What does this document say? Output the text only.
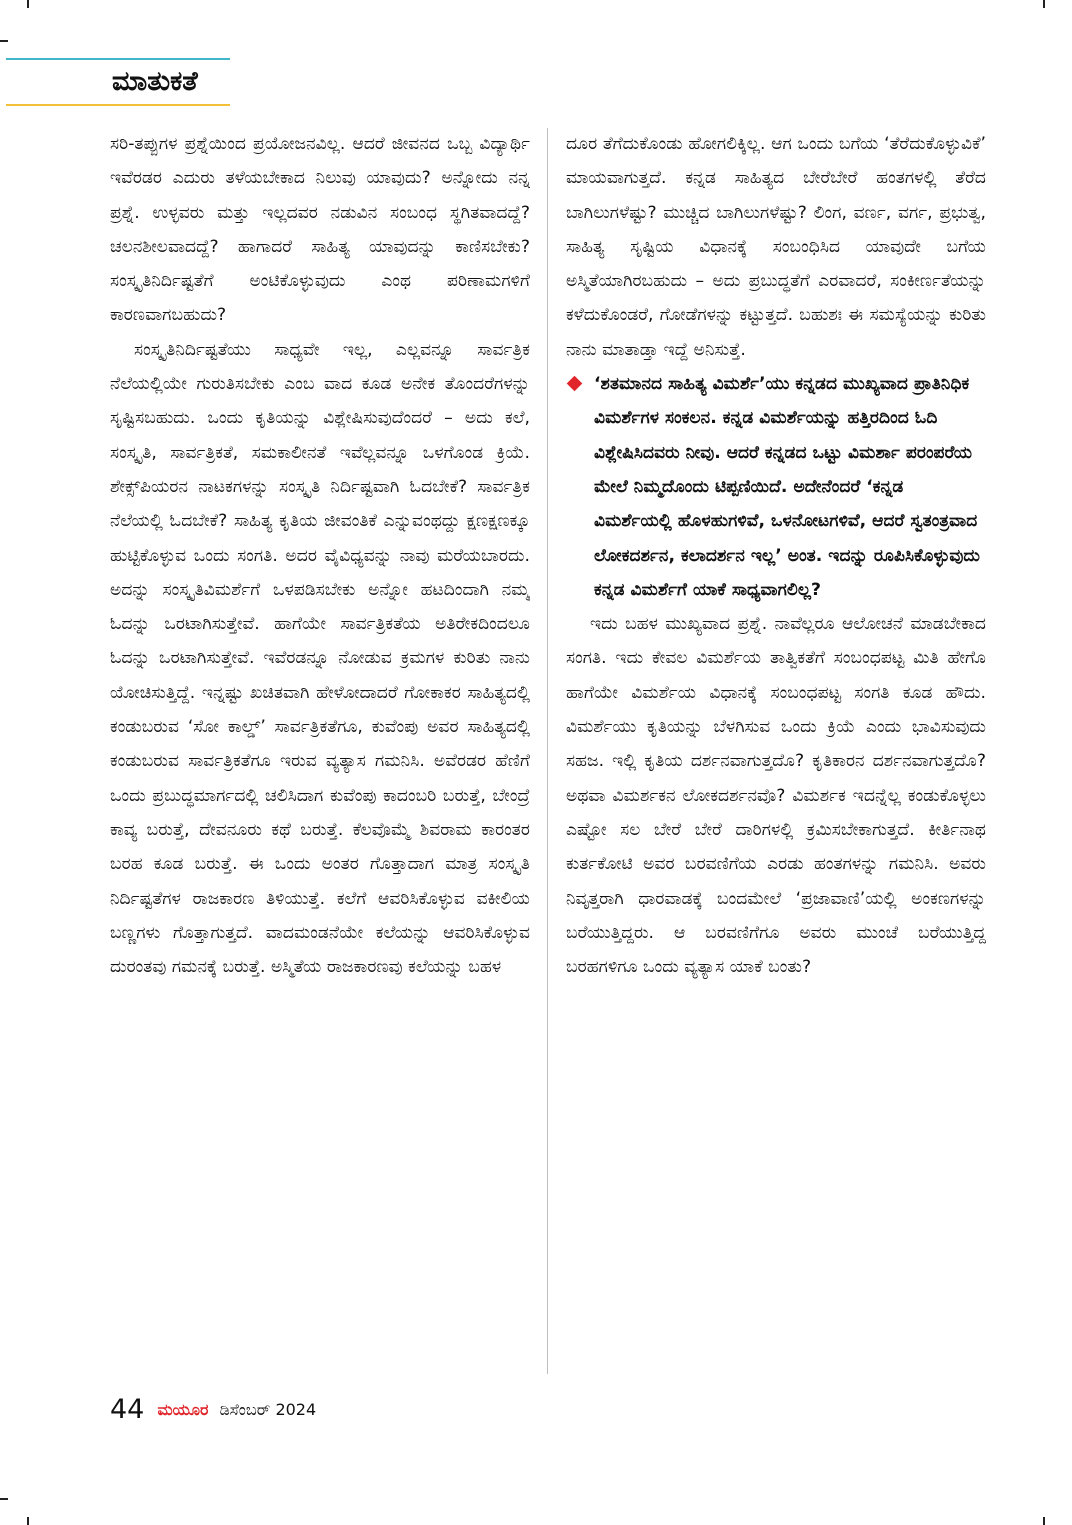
ಮಾತುಕತೆ

ಸರಿ-ತಪ್ಪುಗಳ ಪ್ರಶ್ನೆಯಿಂದ ಪ್ರಯೋಜನವಿಲ್ಲ. ಆದರೆ ಜೀವನದ ಒಬ್ಬ ವಿದ್ಯಾರ್ಥಿ ಇವೆರಡರ ಎದುರು ತಳೆಯಬೇಕಾದ ನಿಲುವು ಯಾವುದು? ಅನ್ನೋದು ನನ್ನ ಪ್ರಶ್ನೆ. ಉಳ್ಳವರು ಮತ್ತು ಇಲ್ಲದವರ ನಡುವಿನ ಸಂಬಂಧ ಸ್ಥಗಿತವಾದದ್ದೆ? ಚಲನಶೀಲವಾದದ್ದೆ? ಹಾಗಾದರೆ ಸಾಹಿತ್ಯ ಯಾವುದನ್ನು ಕಾಣಿಸಬೇಕು? ಸಂಸ್ಕೃತಿನಿರ್ದಿಷ್ಟತೆಗೆ ಅಂಟಿಕೊಳ್ಳುವುದು ಎಂಥ ಪರಿಣಾಮಗಳಿಗೆ ಕಾರಣವಾಗಬಹುದು?

ಸಂಸ್ಕೃತಿನಿರ್ದಿಷ್ಟತೆಯು ಸಾಧ್ಯವೇ ಇಲ್ಲ, ಎಲ್ಲವನ್ನೂ ಸಾರ್ವತ್ರಿಕ ನೆಲೆಯಲ್ಲಿಯೇ ಗುರುತಿಸಬೇಕು ಎಂಬ ವಾದ ಕೂಡ ಅನೇಕ ತೊಂದರೆಗಳನ್ನು ಸೃಷ್ಟಿಸಬಹುದು. ಒಂದು ಕೃತಿಯನ್ನು ವಿಶ್ಲೇಷಿಸುವುದೆಂದರೆ – ಅದು ಕಲೆ, ಸಂಸ್ಕೃತಿ, ಸಾರ್ವತ್ರಿಕತೆ, ಸಮಕಾಲೀನತೆ ಇವೆಲ್ಲವನ್ನೂ ಒಳಗೊಂಡ ಕ್ರಿಯೆ. ಶೇಕ್ಸ್‌ಪಿಯರನ ನಾಟಕಗಳನ್ನು ಸಂಸ್ಕೃತಿ ನಿರ್ದಿಷ್ಟವಾಗಿ ಓದಬೇಕೆ? ಸಾರ್ವತ್ರಿಕ ನೆಲೆಯಲ್ಲಿ ಓದಬೇಕೆ? ಸಾಹಿತ್ಯ ಕೃತಿಯ ಜೀವಂತಿಕೆ ಎನ್ನುವಂಥದ್ದು ಕ್ಷಣಕ್ಷಣಕ್ಕೂ ಹುಟ್ಟಿಕೊಳ್ಳುವ ಒಂದು ಸಂಗತಿ. ಅದರ ವೈವಿಧ್ಯವನ್ನು ನಾವು ಮರೆಯಬಾರದು. ಅದನ್ನು ಸಂಸ್ಕೃತಿವಿಮರ್ಶೆಗೆ ಒಳಪಡಿಸಬೇಕು ಅನ್ನೋ ಹಟದಿಂದಾಗಿ ನಮ್ಮ ಓದನ್ನು ಒರಟಾಗಿಸುತ್ತೇವೆ. ಹಾಗೆಯೇ ಸಾರ್ವತ್ರಿಕತೆಯ ಅತಿರೇಕದಿಂದಲೂ ಓದನ್ನು ಒರಟಾಗಿಸುತ್ತೇವೆ. ಇವೆರಡನ್ನೂ ನೋಡುವ ಕ್ರಮಗಳ ಕುರಿತು ನಾನು ಯೋಚಿಸುತ್ತಿದ್ದೆ. ಇನ್ನಷ್ಟು ಖಚಿತವಾಗಿ ಹೇಳೋದಾದರೆ ಗೋಕಾಕರ ಸಾಹಿತ್ಯದಲ್ಲಿ ಕಂಡುಬರುವ ‘ಸೋ ಕಾಲ್ಡ್’ ಸಾರ್ವತ್ರಿಕತೆಗೂ, ಕುವೆಂಪು ಅವರ ಸಾಹಿತ್ಯದಲ್ಲಿ ಕಂಡುಬರುವ ಸಾರ್ವತ್ರಿಕತೆಗೂ ಇರುವ ವ್ಯತ್ಯಾಸ ಗಮನಿಸಿ. ಅವೆರಡರ ಹೆಣಿಗೆ ಒಂದು ಪ್ರಬುದ್ಧಮಾರ್ಗದಲ್ಲಿ ಚಲಿಸಿದಾಗ ಕುವೆಂಪು ಕಾದಂಬರಿ ಬರುತ್ತೆ, ಬೇಂದ್ರೆ ಕಾವ್ಯ ಬರುತ್ತೆ, ದೇವನೂರು ಕಥೆ ಬರುತ್ತೆ. ಕೆಲವೊಮ್ಮೆ ಶಿವರಾಮ ಕಾರಂತರ ಬರಹ ಕೂಡ ಬರುತ್ತೆ. ಈ ಒಂದು ಅಂತರ ಗೊತ್ತಾದಾಗ ಮಾತ್ರ ಸಂಸ್ಕೃತಿ ನಿರ್ದಿಷ್ಟತೆಗಳ ರಾಜಕಾರಣ ತಿಳಿಯುತ್ತೆ. ಕಲೆಗೆ ಆವರಿಸಿಕೊಳ್ಳುವ ವಕೀಲಿಯ ಬಣ್ಣಗಳು ಗೊತ್ತಾಗುತ್ತದೆ. ವಾದಮಂಡನೆಯೇ ಕಲೆಯನ್ನು ಆವರಿಸಿಕೊಳ್ಳುವ ದುರಂತವು ಗಮನಕ್ಕೆ ಬರುತ್ತೆ. ಅಸ್ಮಿತೆಯ ರಾಜಕಾರಣವು ಕಲೆಯನ್ನು ಬಹಳ

ದೂರ ತೆಗೆದುಕೊಂಡು ಹೋಗಲಿಕ್ಕಿಲ್ಲ. ಆಗ ಒಂದು ಬಗೆಯ ‘ತೆರೆದುಕೊಳ್ಳುವಿಕೆ’ ಮಾಯವಾಗುತ್ತದೆ. ಕನ್ನಡ ಸಾಹಿತ್ಯದ ಬೇರೆಬೇರೆ ಹಂತಗಳಲ್ಲಿ ತೆರೆದ ಬಾಗಿಲುಗಳೆಷ್ಟು? ಮುಚ್ಚಿದ ಬಾಗಿಲುಗಳೆಷ್ಟು? ಲಿಂಗ, ವರ್ಣ, ವರ್ಗ, ಪ್ರಭುತ್ವ, ಸಾಹಿತ್ಯ ಸೃಷ್ಟಿಯ ವಿಧಾನಕ್ಕೆ ಸಂಬಂಧಿಸಿದ ಯಾವುದೇ ಬಗೆಯ ಅಸ್ಮಿತೆಯಾಗಿರಬಹುದು – ಅದು ಪ್ರಬುದ್ಧತೆಗೆ ಎರವಾದರೆ, ಸಂಕೀರ್ಣತೆಯನ್ನು ಕಳೆದುಕೊಂಡರೆ, ಗೋಡೆಗಳನ್ನು ಕಟ್ಟುತ್ತದೆ. ಬಹುಶಃ ಈ ಸಮಸ್ಯೆಯನ್ನು ಕುರಿತು ನಾನು ಮಾತಾಡ್ತಾ ಇದ್ದೆ ಅನಿಸುತ್ತೆ.

‘ಶತಮಾನದ ಸಾಹಿತ್ಯ ವಿಮರ್ಶೆ’ಯು ಕನ್ನಡದ ಮುಖ್ಯವಾದ ಪ್ರಾತಿನಿಧಿಕ ವಿಮರ್ಶೆಗಳ ಸಂಕಲನ. ಕನ್ನಡ ವಿಮರ್ಶೆಯನ್ನು ಹತ್ತಿರದಿಂದ ಓದಿ ವಿಶ್ಲೇಷಿಸಿದವರು ನೀವು. ಆದರೆ ಕನ್ನಡದ ಒಟ್ಟು ವಿಮರ್ಶಾ ಪರಂಪರೆಯ ಮೇಲೆ ನಿಮ್ಮದೊಂದು ಟಿಪ್ಪಣಿಯಿದೆ. ಅದೇನೆಂದರೆ ‘ಕನ್ನಡ ವಿಮರ್ಶೆಯಲ್ಲಿ ಹೊಳಹುಗಳಿವೆ, ಒಳನೋಟಗಳಿವೆ, ಆದರೆ ಸ್ವತಂತ್ರವಾದ ಲೋಕದರ್ಶನ, ಕಲಾದರ್ಶನ ಇಲ್ಲ’ ಅಂತ. ಇದನ್ನು ರೂಪಿಸಿಕೊಳ್ಳುವುದು ಕನ್ನಡ ವಿಮರ್ಶೆಗೆ ಯಾಕೆ ಸಾಧ್ಯವಾಗಲಿಲ್ಲ?

ಇದು ಬಹಳ ಮುಖ್ಯವಾದ ಪ್ರಶ್ನೆ. ನಾವೆಲ್ಲರೂ ಆಲೋಚನೆ ಮಾಡಬೇಕಾದ ಸಂಗತಿ. ಇದು ಕೇವಲ ವಿಮರ್ಶೆಯ ತಾತ್ವಿಕತೆಗೆ ಸಂಬಂಧಪಟ್ಟ ಮಿತಿ ಹೇಗೊ ಹಾಗೆಯೇ ವಿಮರ್ಶೆಯ ವಿಧಾನಕ್ಕೆ ಸಂಬಂಧಪಟ್ಟ ಸಂಗತಿ ಕೂಡ ಹೌದು. ವಿಮರ್ಶೆಯು ಕೃತಿಯನ್ನು ಬೆಳಗಿಸುವ ಒಂದು ಕ್ರಿಯೆ ಎಂದು ಭಾವಿಸುವುದು ಸಹಜ. ಇಲ್ಲಿ ಕೃತಿಯ ದರ್ಶನವಾಗುತ್ತದೊ? ಕೃತಿಕಾರನ ದರ್ಶನವಾಗುತ್ತದೊ? ಅಥವಾ ವಿಮರ್ಶಕನ ಲೋಕದರ್ಶನವೊ? ವಿಮರ್ಶಕ ಇದನ್ನೆಲ್ಲ ಕಂಡುಕೊಳ್ಳಲು ಎಷ್ಟೋ ಸಲ ಬೇರೆ ಬೇರೆ ದಾರಿಗಳಲ್ಲಿ ಕ್ರಮಿಸಬೇಕಾಗುತ್ತದೆ. ಕೀರ್ತಿನಾಥ ಕುರ್ತಕೋಟಿ ಅವರ ಬರವಣಿಗೆಯ ಎರಡು ಹಂತಗಳನ್ನು ಗಮನಿಸಿ. ಅವರು ನಿವೃತ್ತರಾಗಿ ಧಾರವಾಡಕ್ಕೆ ಬಂದಮೇಲೆ ‘ಪ್ರಜಾವಾಣಿ’ಯಲ್ಲಿ ಅಂಕಣಗಳನ್ನು ಬರೆಯುತ್ತಿದ್ದರು. ಆ ಬರವಣಿಗೆಗೂ ಅವರು ಮುಂಚೆ ಬರೆಯುತ್ತಿದ್ದ ಬರಹಗಳಿಗೂ ಒಂದು ವ್ಯತ್ಯಾಸ ಯಾಕೆ ಬಂತು?

44 ಮಯೂರ ಡಿಸೆಂಬರ್ 2024
